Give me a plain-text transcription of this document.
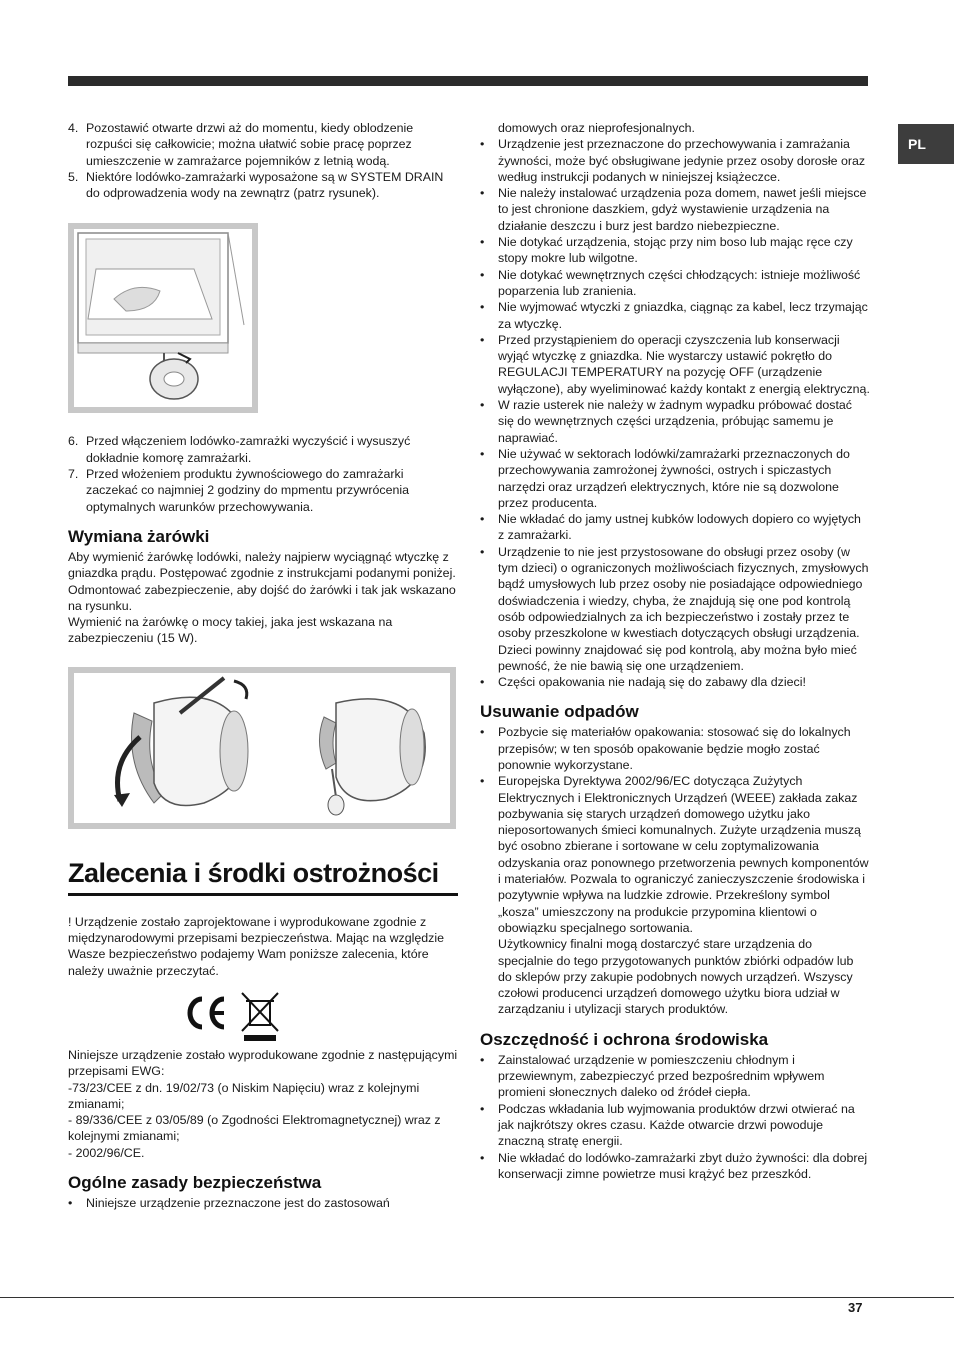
PL
4. Pozostawić otwarte drzwi aż do momentu, kiedy oblodzenie rozpuści się całkowicie; można ułatwić sobie pracę poprzez umieszczenie w zamrażarce pojemników z letnią wodą.
5. Niektóre lodówko-zamrażarki wyposażone są w SYSTEM DRAIN do odprowadzenia wody na zewnątrz (patrz rysunek).
6. Przed włączeniem lodówko-zamrażki wyczyścić i wysuszyć dokładnie komorę zamrażarki.
7. Przed włożeniem produktu żywnościowego do zamrażarki zaczekać co najmniej 2 godziny do mpmentu przywrócenia optymalnych warunków przechowywania.
Wymiana żarówki
Aby wymienić żarówkę lodówki, należy najpierw wyciągnąć wtyczkę z gniazdka prądu. Postępować zgodnie z instrukcjami podanymi poniżej. Odmontować zabezpieczenie, aby dojść do żarówki i tak jak wskazano na rysunku.
Wymienić na żarówkę o mocy takiej, jaka jest wskazana na zabezpieczeniu (15 W).
Zalecenia i środki ostrożności
! Urządzenie zostało zaprojektowane i wyprodukowane zgodnie z międzynarodowymi przepisami bezpieczeństwa. Mając na względzie Wasze bezpieczeństwo podajemy Wam poniższe zalecenia, które należy uważnie przeczytać.
Niniejsze urządzenie zostało wyprodukowane zgodnie z następującymi przepisami EWG:
-73/23/CEE z dn. 19/02/73 (o Niskim Napięciu) wraz z kolejnymi zmianami;
- 89/336/CEE z 03/05/89 (o Zgodności Elektromagnetycznej) wraz z kolejnymi zmianami;
- 2002/96/CE.
Ogólne zasady bezpieczeństwa
• Niniejsze urządzenie przeznaczone jest do zastosowań
domowych oraz nieprofesjonalnych.
• Urządzenie jest przeznaczone do przechowywania i zamrażania żywności, może być obsługiwane jedynie przez osoby dorosłe oraz według instrukcji podanych w niniejszej książeczce.
• Nie należy instalować urządzenia poza domem, nawet jeśli miejsce to jest chronione daszkiem, gdyż wystawienie urządzenia na działanie deszczu i burz jest bardzo niebezpieczne.
• Nie dotykać urządzenia, stojąc przy nim boso lub mając ręce czy stopy mokre lub wilgotne.
• Nie dotykać wewnętrznych części chłodzących: istnieje możliwość poparzenia lub zranienia.
• Nie wyjmować wtyczki z gniazdka, ciągnąc za kabel, lecz trzymając za wtyczkę.
• Przed przystąpieniem do operacji czyszczenia lub konserwacji wyjąć wtyczkę z gniazdka. Nie wystarczy ustawić pokrętło do REGULACJI TEMPERATURY na pozycję OFF (urządzenie wyłączone), aby wyeliminować każdy kontakt z energią elektryczną.
• W razie usterek nie należy w żadnym wypadku próbować dostać się do wewnętrznych części urządzenia, próbując samemu je naprawiać.
• Nie używać w sektorach lodówki/zamrażarki przeznaczonych do przechowywania zamrożonej żywności, ostrych i spiczastych narzędzi oraz urządzeń elektrycznych, które nie są dozwolone przez producenta.
• Nie wkładać do jamy ustnej kubków lodowych dopiero co wyjętych z zamrażarki.
• Urządzenie to nie jest przystosowane do obsługi przez osoby (w tym dzieci) o ograniczonych możliwościach fizycznych, zmysłowych bądź umysłowych lub przez osoby nie posiadające odpowiedniego doświadczenia i wiedzy, chyba, że znajdują się one pod kontrolą osób odpowiedzialnych za ich bezpieczeństwo i zostały przez te osoby przeszkolone w kwestiach dotyczących obsługi urządzenia. Dzieci powinny znajdować się pod kontrolą, aby można było mieć pewność, że nie bawią się one urządzeniem.
• Części opakowania nie nadają się do zabawy dla dzieci!
Usuwanie odpadów
• Pozbycie się materiałów opakowania: stosować się do lokalnych przepisów; w ten sposób opakowanie będzie mogło zostać ponownie wykorzystane.
• Europejska Dyrektywa 2002/96/EC dotycząca Zużytych Elektrycznych i Elektronicznych Urządzeń (WEEE) zakłada zakaz pozbywania się starych urządzeń domowego użytku jako nieposortowanych śmieci komunalnych. Zużyte urządzenia muszą być osobno zbierane i sortowane w celu zoptymalizowania odzyskania oraz ponownego przetworzenia pewnych komponentów i materiałów. Pozwala to ograniczyć zanieczyszczenie środowiska i pozytywnie wpływa na ludzkie zdrowie. Przekreślony symbol „kosza” umieszczony na produkcie przypomina klientowi o obowiązku specjalnego sortowania.
Użytkownicy finalni mogą dostarczyć stare urządzenia do specjalnie do tego przygotowanych punktów zbiórki odpadów lub do sklepów przy zakupie podobnych nowych urządzeń. Wszyscy czołowi producenci urządzeń domowego użytku biora udział w zarządzaniu i utylizacji starych produktów.
Oszczędność i ochrona środowiska
• Zainstalować urządzenie w pomieszczeniu chłodnym i przewiewnym, zabezpieczyć przed bezpośrednim wpływem promieni słonecznych daleko od źródeł ciepła.
• Podczas wkładania lub wyjmowania produktów drzwi otwierać na jak najkrótszy okres czasu. Każde otwarcie drzwi powoduje znaczną stratę energii.
• Nie wkładać do lodówko-zamrażarki zbyt dużo żywności: dla dobrej konserwacji zimne powietrze musi krążyć bez przeszkód.
37
